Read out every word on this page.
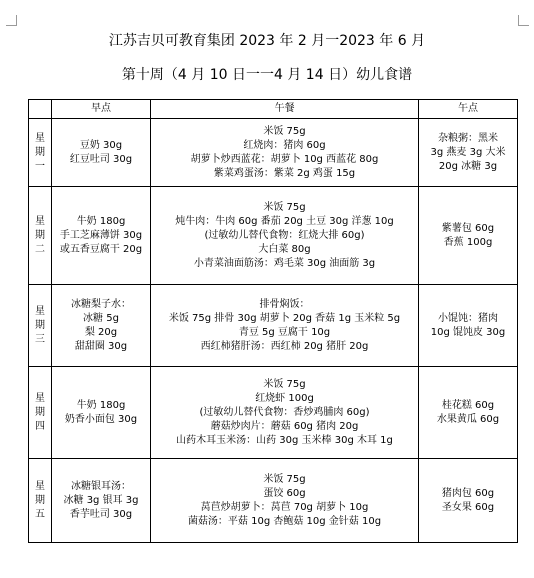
江苏吉贝可教育集团 2023 年 2 月一2023 年 6 月
第十周（4 月 10 日一一4 月 14 日）幼儿食谱
	早点	午餐	午点

星
期
一	豆奶 30g
红豆吐司 30g	米饭 75g
红烧肉：猪肉 60g
胡萝卜炒西蓝花：胡萝卜 10g 西蓝花 80g
紫菜鸡蛋汤：紫菜 2g 鸡蛋 15g	杂粮粥：黑米
3g 燕麦 3g 大米
20g 冰糖 3g

星
期
二	牛奶 180g
手工芝麻薄饼 30g
或五香豆腐干 20g	米饭 75g
炖牛肉：牛肉 60g 番茄 20g 土豆 30g 洋葱 10g
(过敏幼儿替代食物：红烧大排 60g)
大白菜 80g
小青菜油面筋汤：鸡毛菜 30g 油面筋 3g	紫薯包 60g
香蕉 100g

星
期
三	冰糖梨子水：
冰糖 5g
梨 20g
甜甜圈 30g	排骨焖饭：
米饭 75g 排骨 30g 胡萝卜 20g 香菇 1g 玉米粒 5g
青豆 5g 豆腐干 10g
西红柿猪肝汤：西红柿 20g 猪肝 20g	小馄饨：猪肉
10g 馄饨皮 30g

星
期
四	牛奶 180g
奶香小面包 30g	米饭 75g
红烧虾 100g
(过敏幼儿替代食物：香炒鸡脯肉 60g)
蘑菇炒肉片：蘑菇 60g 猪肉 20g
山药木耳玉米汤：山药 30g 玉米棒 30g 木耳 1g	桂花糕 60g
水果黄瓜 60g

星
期
五	冰糖银耳汤：
冰糖 3g 银耳 3g
香芋吐司 30g	米饭 75g
蛋饺 60g
莴苣炒胡萝卜：莴苣 70g 胡萝卜 10g
菌菇汤：平菇 10g 杏鲍菇 10g 金针菇 10g	猪肉包 60g
圣女果 60g
